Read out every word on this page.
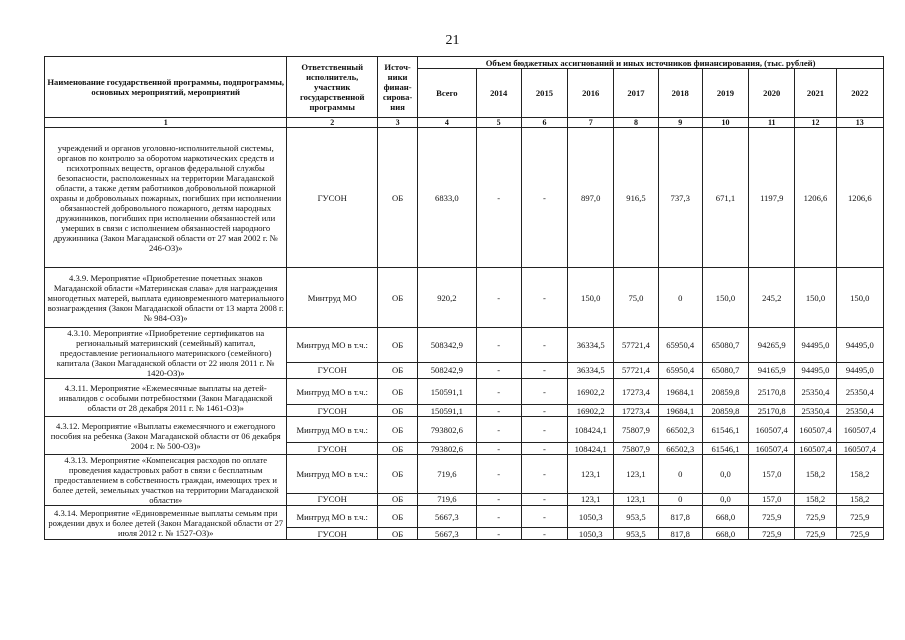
21
Наименование государственной программы, подпрограммы, основных мероприятий, мероприятий	Ответственный исполнитель, участник государственной программы	Источ-ники финан-сирова-ния	Объем бюджетных ассигнований и иных источников финансирования, (тыс. рублей)									
			Всего	2014	2015	2016	2017	2018	2019	2020	2021	2022
1	2	3	4	5	6	7	8	9	10	11	12	13
учреждений и органов уголовно-исполнительной системы, органов по контролю за оборотом наркотических средств и психотропных веществ, органов федеральной службы безопасности, расположенных на территории Магаданской области, а также детям работников добровольной пожарной охраны и добровольных пожарных, погибших при исполнении обязанностей добровольного пожарного, детям народных дружинников, погибших при исполнении обязанностей или умерших в связи с исполнением обязанностей народного дружинника (Закон Магаданской области от 27 мая 2002 г. № 246-ОЗ)»	ГУСОН	ОБ	6833,0	-	-	897,0	916,5	737,3	671,1	1197,9	1206,6	1206,6
4.3.9. Мероприятие «Приобретение почетных знаков Магаданской области «Материнская слава» для награждения многодетных матерей, выплата единовременного материального вознаграждения (Закон Магаданской области от 13 марта 2008 г. № 984-ОЗ)»	Минтруд МО	ОБ	920,2	-	-	150,0	75,0	0	150,0	245,2	150,0	150,0
4.3.10. Мероприятие «Приобретение сертификатов на региональный материнский (семейный) капитал, предоставление регионального материнского (семейного) капитала (Закон Магаданской области от 22 июля 2011 г. № 1420-ОЗ)»	Минтруд МО в т.ч.:	ОБ	508342,9	-	-	36334,5	57721,4	65950,4	65080,7	94265,9	94495,0	94495,0
	ГУСОН	ОБ	508242,9	-	-	36334,5	57721,4	65950,4	65080,7	94165,9	94495,0	94495,0
4.3.11. Мероприятие «Ежемесячные выплаты на детей-инвалидов с особыми потребностями (Закон Магаданской области от 28 декабря 2011 г. № 1461-ОЗ)»	Минтруд МО в т.ч.:	ОБ	150591,1	-	-	16902,2	17273,4	19684,1	20859,8	25170,8	25350,4	25350,4
	ГУСОН	ОБ	150591,1	-	-	16902,2	17273,4	19684,1	20859,8	25170,8	25350,4	25350,4
4.3.12. Мероприятие «Выплаты ежемесячного и ежегодного пособия на ребенка (Закон Магаданской области от 06 декабря 2004 г. № 500-ОЗ)»	Минтруд МО в т.ч.:	ОБ	793802,6	-	-	108424,1	75807,9	66502,3	61546,1	160507,4	160507,4	160507,4
	ГУСОН	ОБ	793802,6	-	-	108424,1	75807,9	66502,3	61546,1	160507,4	160507,4	160507,4
4.3.13. Мероприятие «Компенсация расходов по оплате проведения кадастровых работ в связи с бесплатным предоставлением в собственность граждан, имеющих трех и более детей, земельных участков на территории Магаданской области»	Минтруд МО в т.ч.:	ОБ	719,6	-	-	123,1	123,1	0	0,0	157,0	158,2	158,2
	ГУСОН	ОБ	719,6	-	-	123,1	123,1	0	0,0	157,0	158,2	158,2
4.3.14. Мероприятие «Единовременные выплаты семьям при рождении двух и более детей (Закон Магаданской области от 27 июля 2012 г. № 1527-ОЗ)»	Минтруд МО в т.ч.:	ОБ	5667,3	-	-	1050,3	953,5	817,8	668,0	725,9	725,9	725,9
	ГУСОН	ОБ	5667,3	-	-	1050,3	953,5	817,8	668,0	725,9	725,9	725,9
